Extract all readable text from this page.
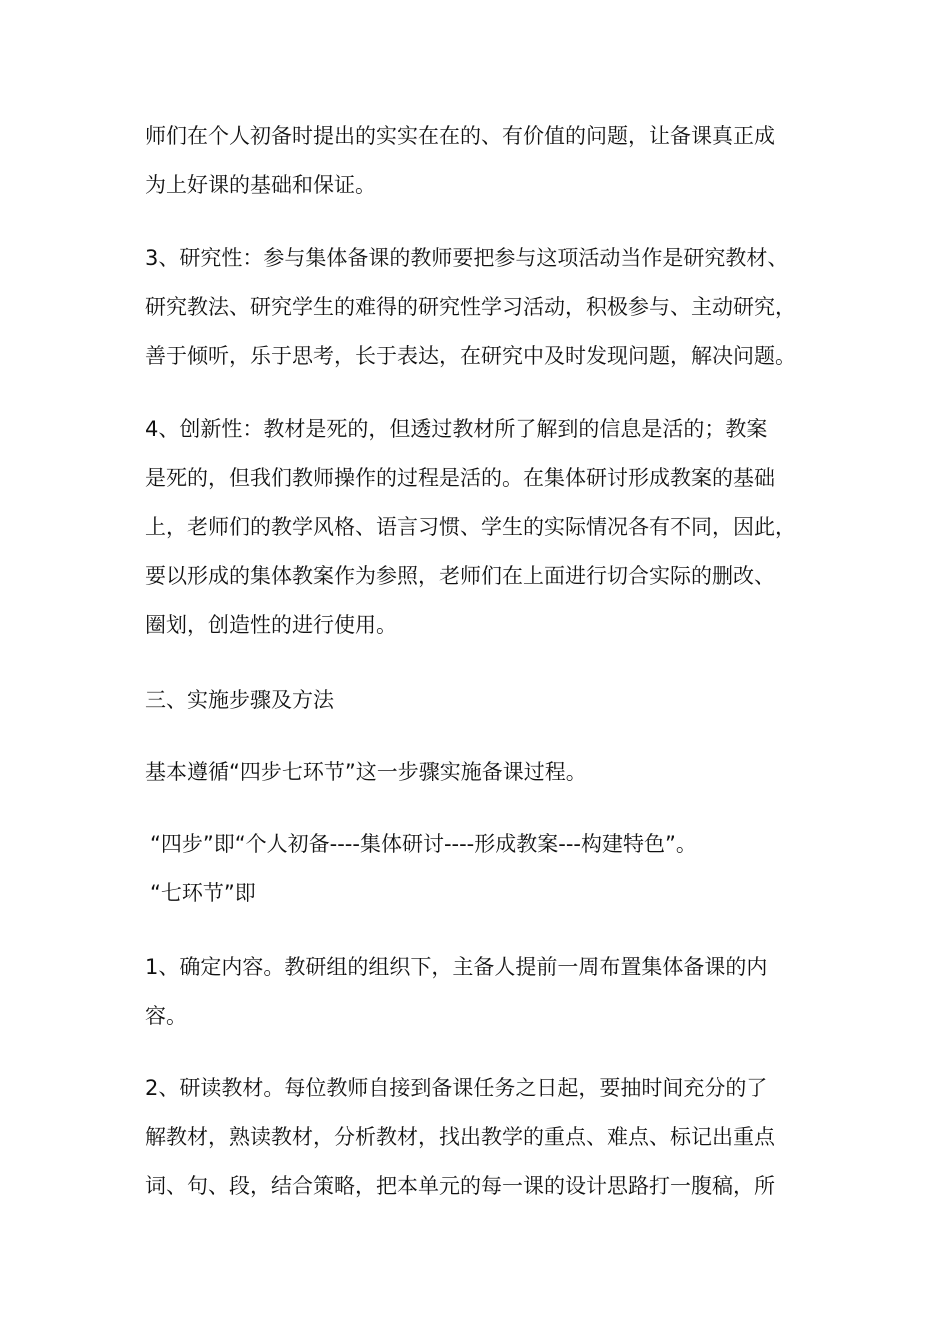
师们在个人初备时提出的实实在在的、有价值的问题，让备课真正成
为上好课的基础和保证。

3、研究性：参与集体备课的教师要把参与这项活动当作是研究教材、
研究教法、研究学生的难得的研究性学习活动，积极参与、主动研究，
善于倾听，乐于思考，长于表达，在研究中及时发现问题，解决问题。

4、创新性：教材是死的，但透过教材所了解到的信息是活的；教案
是死的，但我们教师操作的过程是活的。在集体研讨形成教案的基础
上，老师们的教学风格、语言习惯、学生的实际情况各有不同，因此，
要以形成的集体教案作为参照，老师们在上面进行切合实际的删改、
圈划，创造性的进行使用。

三、实施步骤及方法

基本遵循“四步七环节”这一步骤实施备课过程。

“四步”即“个人初备----集体研讨----形成教案---构建特色”。
“七环节”即

1、确定内容。教研组的组织下，主备人提前一周布置集体备课的内
容。

2、研读教材。每位教师自接到备课任务之日起，要抽时间充分的了
解教材，熟读教材，分析教材，找出教学的重点、难点、标记出重点
词、句、段，结合策略，把本单元的每一课的设计思路打一腹稿，所
